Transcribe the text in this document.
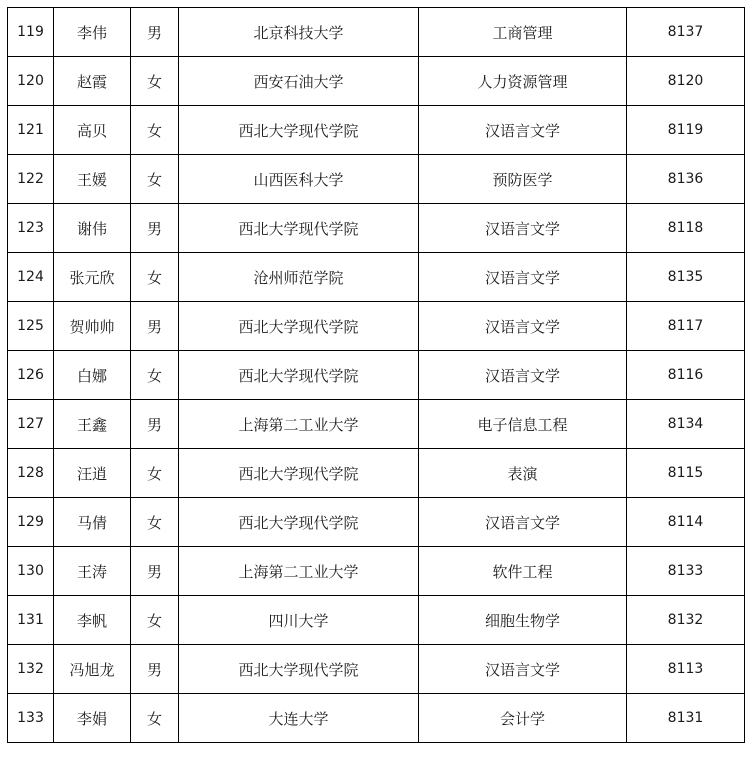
119	李伟	男	北京科技大学	工商管理	8137
120	赵霞	女	西安石油大学	人力资源管理	8120
121	高贝	女	西北大学现代学院	汉语言文学	8119
122	王媛	女	山西医科大学	预防医学	8136
123	谢伟	男	西北大学现代学院	汉语言文学	8118
124	张元欣	女	沧州师范学院	汉语言文学	8135
125	贺帅帅	男	西北大学现代学院	汉语言文学	8117
126	白娜	女	西北大学现代学院	汉语言文学	8116
127	王鑫	男	上海第二工业大学	电子信息工程	8134
128	汪逍	女	西北大学现代学院	表演	8115
129	马倩	女	西北大学现代学院	汉语言文学	8114
130	王涛	男	上海第二工业大学	软件工程	8133
131	李帆	女	四川大学	细胞生物学	8132
132	冯旭龙	男	西北大学现代学院	汉语言文学	8113
133	李娟	女	大连大学	会计学	8131
